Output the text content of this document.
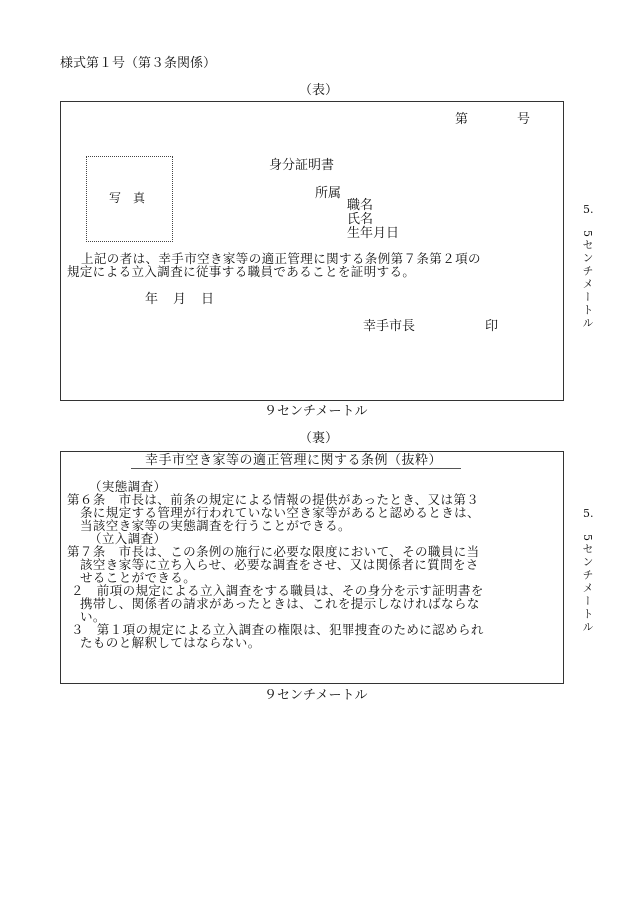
様式第１号（第３条関係）
（表）
第	号
写　真
身分証明書
所属
職名
氏名
生年月日
上記の者は、幸手市空き家等の適正管理に関する条例第７条第２項の
規定による立入調査に従事する職員であることを証明する。
年　月　日
幸手市長	印
5.
5センチメートル
９センチメートル
（裏）
幸手市空き家等の適正管理に関する条例（抜粋）
（実態調査）
第６条　市長は、前条の規定による情報の提供があったとき、又は第３
条に規定する管理が行われていない空き家等があると認めるときは、
当該空き家等の実態調査を行うことができる。
（立入調査）
第７条　市長は、この条例の施行に必要な限度において、その職員に当
該空き家等に立ち入らせ、必要な調査をさせ、又は関係者に質問をさ
せることができる。
２　前項の規定による立入調査をする職員は、その身分を示す証明書を
携帯し、関係者の請求があったときは、これを提示しなければならな
い。
３　第１項の規定による立入調査の権限は、犯罪捜査のために認められ
たものと解釈してはならない。
5.
5センチメートル
９センチメートル
